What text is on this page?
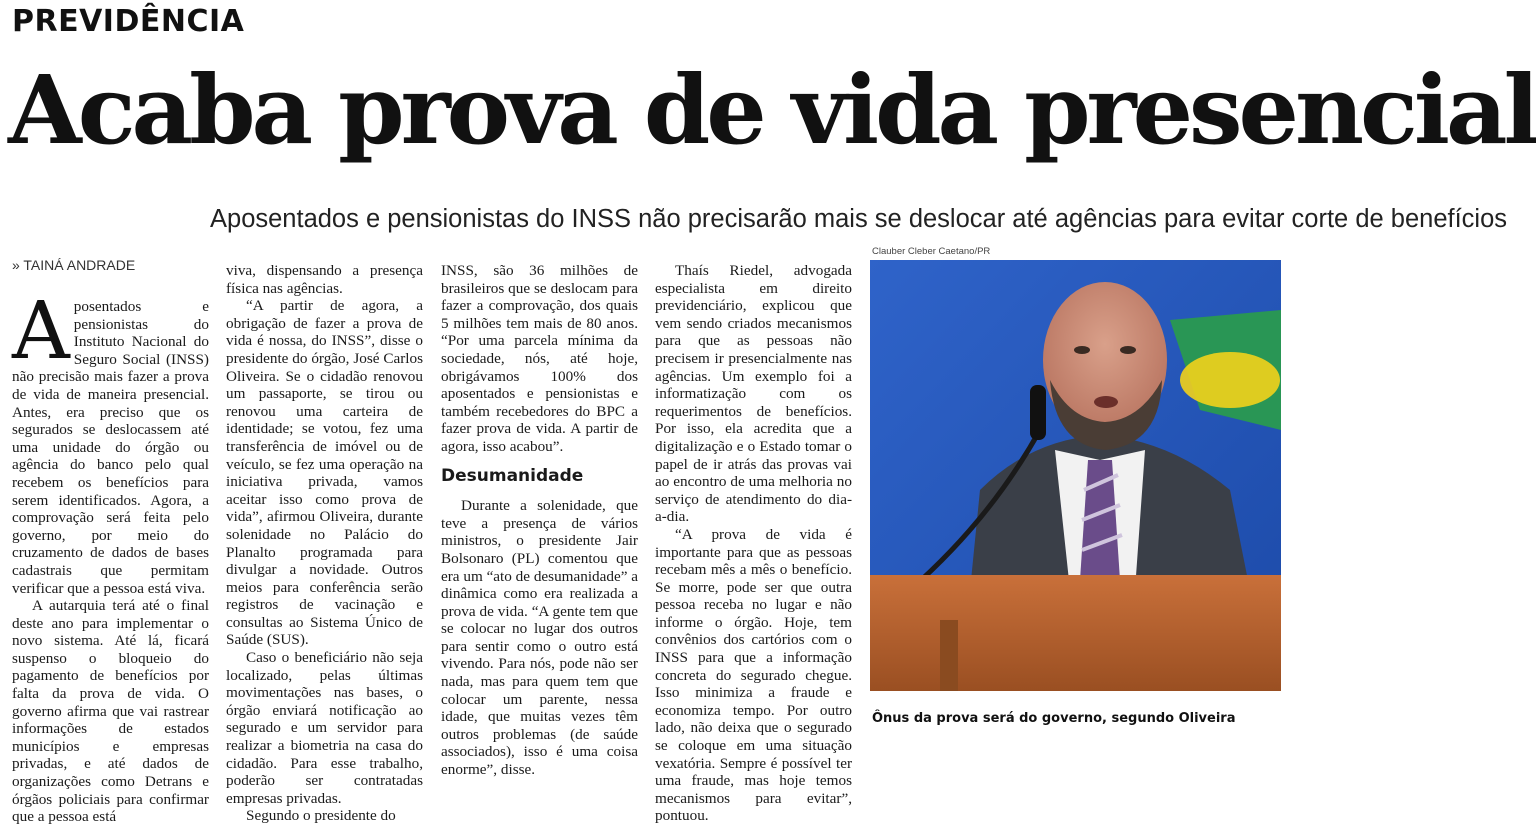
PREVIDÊNCIA
Acaba prova de vida presencial
Aposentados e pensionistas do INSS não precisarão mais se deslocar até agências para evitar corte de benefícios
» TAINÁ ANDRADE
A posentados e pensionistas do Instituto Nacional do Seguro Social (INSS) não precisão mais fazer a prova de vida de maneira presencial. Antes, era preciso que os segurados se deslocassem até uma unidade do órgão ou agência do banco pelo qual recebem os benefícios para serem identificados. Agora, a comprovação será feita pelo governo, por meio do cruzamento de dados de bases cadastrais que permitam verificar que a pessoa está viva.

A autarquia terá até o final deste ano para implementar o novo sistema. Até lá, ficará suspenso o bloqueio do pagamento de benefícios por falta da prova de vida. O governo afirma que vai rastrear informações de estados municípios e empresas privadas, e até dados de organizações como Detrans e órgãos policiais para confirmar que a pessoa está

viva, dispensando a presença física nas agências.

“A partir de agora, a obrigação de fazer a prova de vida é nossa, do INSS”, disse o presidente do órgão, José Carlos Oliveira. Se o cidadão renovou um passaporte, se tirou ou renovou uma carteira de identidade; se votou, fez uma transferência de imóvel ou de veículo, se fez uma operação na iniciativa privada, vamos aceitar isso como prova de vida”, afirmou Oliveira, durante solenidade no Palácio do Planalto programada para divulgar a novidade. Outros meios para conferência serão registros de vacinação e consultas ao Sistema Único de Saúde (SUS).

Caso o beneficiário não seja localizado, pelas últimas movimentações nas bases, o órgão enviará notificação ao segurado e um servidor para realizar a biometria na casa do cidadão. Para esse trabalho, poderão ser contratadas empresas privadas.

Segundo o presidente do

INSS, são 36 milhões de brasileiros que se deslocam para fazer a comprovação, dos quais 5 milhões tem mais de 80 anos. “Por uma parcela mínima da sociedade, nós, até hoje, obrigávamos 100% dos aposentados e pensionistas e também recebedores do BPC a fazer prova de vida. A partir de agora, isso acabou”.

Desumanidade

Durante a solenidade, que teve a presença de vários ministros, o presidente Jair Bolsonaro (PL) comentou que era um “ato de desumanidade” a dinâmica como era realizada a prova de vida. “A gente tem que se colocar no lugar dos outros para sentir como o outro está vivendo. Para nós, pode não ser nada, mas para quem tem que colocar um parente, nessa idade, que muitas vezes têm outros problemas (de saúde associados), isso é uma coisa enorme”, disse.

Thaís Riedel, advogada especialista em direito previdenciário, explicou que vem sendo criados mecanismos para que as pessoas não precisem ir presencialmente nas agências. Um exemplo foi a informatização com os requerimentos de benefícios. Por isso, ela acredita que a digitalização e o Estado tomar o papel de ir atrás das provas vai ao encontro de uma melhoria no serviço de atendimento do dia-a-dia.

“A prova de vida é importante para que as pessoas recebam mês a mês o benefício. Se morre, pode ser que outra pessoa receba no lugar e não informe o órgão. Hoje, tem convênios dos cartórios com o INSS para que a informação concreta do segurado chegue. Isso minimiza a fraude e economiza tempo. Por outro lado, não deixa que o segurado se coloque em uma situação vexatória. Sempre é possível ter uma fraude, mas hoje temos mecanismos para evitar”, pontuou.

Clauber Cleber Caetano/PR
Ônus da prova será do governo, segundo Oliveira
